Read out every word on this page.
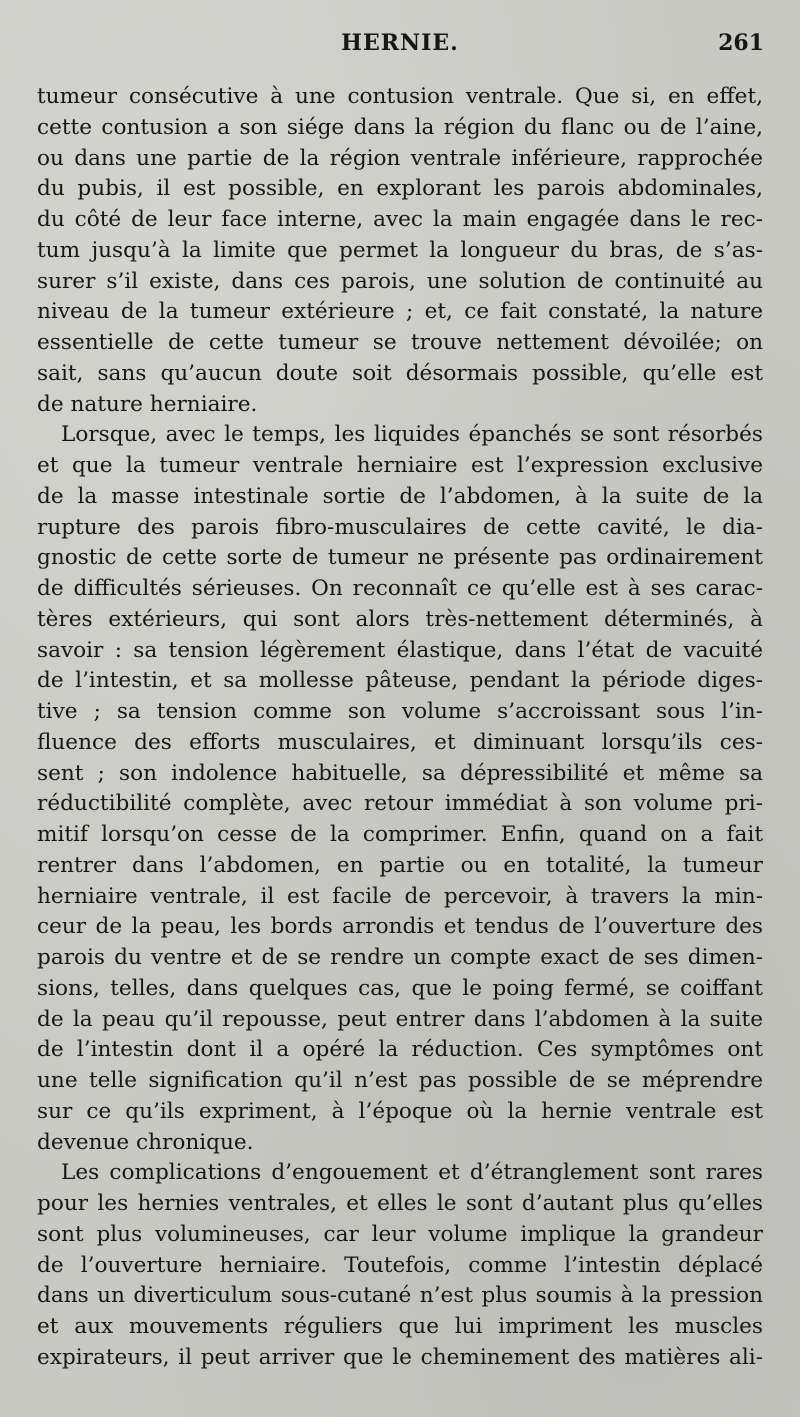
HERNIE.	261
tumeur consécutive à une contusion ventrale. Que si, en effet,
cette contusion a son siége dans la région du flanc ou de l’aine,
ou dans une partie de la région ventrale inférieure, rapprochée
du pubis, il est possible, en explorant les parois abdominales,
du côté de leur face interne, avec la main engagée dans le rec-
tum jusqu’à la limite que permet la longueur du bras, de s’as-
surer s’il existe, dans ces parois, une solution de continuité au
niveau de la tumeur extérieure ; et, ce fait constaté, la nature
essentielle de cette tumeur se trouve nettement dévoilée; on
sait, sans qu’aucun doute soit désormais possible, qu’elle est
de nature herniaire.
Lorsque, avec le temps, les liquides épanchés se sont résorbés
et que la tumeur ventrale herniaire est l’expression exclusive
de la masse intestinale sortie de l’abdomen, à la suite de la
rupture des parois fibro-musculaires de cette cavité, le dia-
gnostic de cette sorte de tumeur ne présente pas ordinairement
de difficultés sérieuses. On reconnaît ce qu’elle est à ses carac-
tères extérieurs, qui sont alors très-nettement déterminés, à
savoir : sa tension légèrement élastique, dans l’état de vacuité
de l’intestin, et sa mollesse pâteuse, pendant la période diges-
tive ; sa tension comme son volume s’accroissant sous l’in-
fluence des efforts musculaires, et diminuant lorsqu’ils ces-
sent ; son indolence habituelle, sa dépressibilité et même sa
réductibilité complète, avec retour immédiat à son volume pri-
mitif lorsqu’on cesse de la comprimer. Enfin, quand on a fait
rentrer dans l’abdomen, en partie ou en totalité, la tumeur
herniaire ventrale, il est facile de percevoir, à travers la min-
ceur de la peau, les bords arrondis et tendus de l’ouverture des
parois du ventre et de se rendre un compte exact de ses dimen-
sions, telles, dans quelques cas, que le poing fermé, se coiffant
de la peau qu’il repousse, peut entrer dans l’abdomen à la suite
de l’intestin dont il a opéré la réduction. Ces symptômes ont
une telle signification qu’il n’est pas possible de se méprendre
sur ce qu’ils expriment, à l’époque où la hernie ventrale est
devenue chronique.
Les complications d’engouement et d’étranglement sont rares
pour les hernies ventrales, et elles le sont d’autant plus qu’elles
sont plus volumineuses, car leur volume implique la grandeur
de l’ouverture herniaire. Toutefois, comme l’intestin déplacé
dans un diverticulum sous-cutané n’est plus soumis à la pression
et aux mouvements réguliers que lui impriment les muscles
expirateurs, il peut arriver que le cheminement des matières ali-
